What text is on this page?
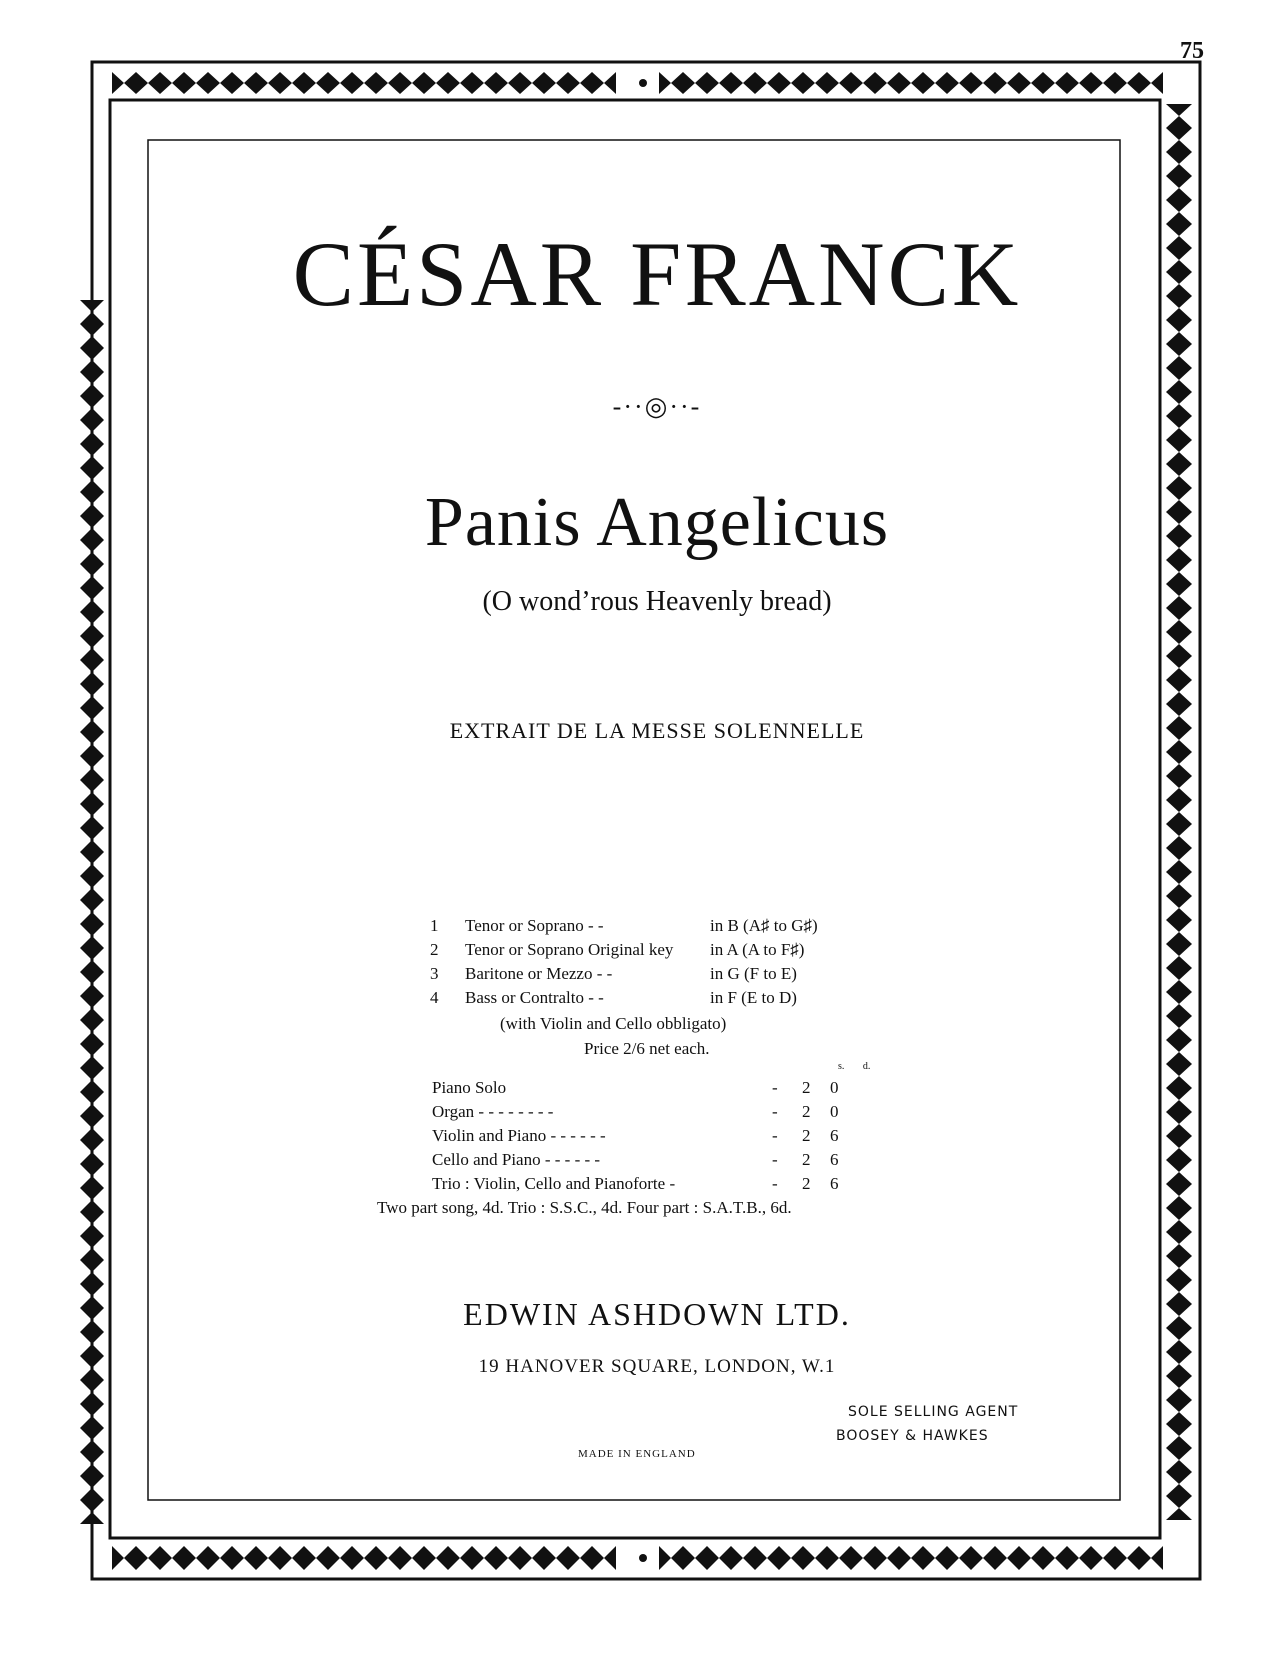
75
CÉSAR FRANCK
-··◎··-
Panis Angelicus
(O wond’rous Heavenly bread)
EXTRAIT DE LA MESSE SOLENNELLE
1	Tenor or Soprano - -	in B (A♯ to G♯)
2	Tenor or Soprano Original key in A (A to F♯)
3	Baritone or Mezzo - -	in G (F to E)
4	Bass or Contralto - -	in F (E to D)
(with Violin and Cello obbligato)
Price 2/6 net each.
s. d.
Piano Solo	-	2	0
Organ - - - - - - - -	-	2	0
Violin and Piano - - - - - -	-	2	6
Cello and Piano - - - - - -	-	2	6
Trio : Violin, Cello and Pianoforte -	-	2	6
Two part song, 4d. Trio : S.S.C., 4d. Four part : S.A.T.B., 6d.
EDWIN ASHDOWN LTD.
19 HANOVER SQUARE, LONDON, W.1
SOLE SELLING AGENT
BOOSEY & HAWKES
MADE IN ENGLAND
